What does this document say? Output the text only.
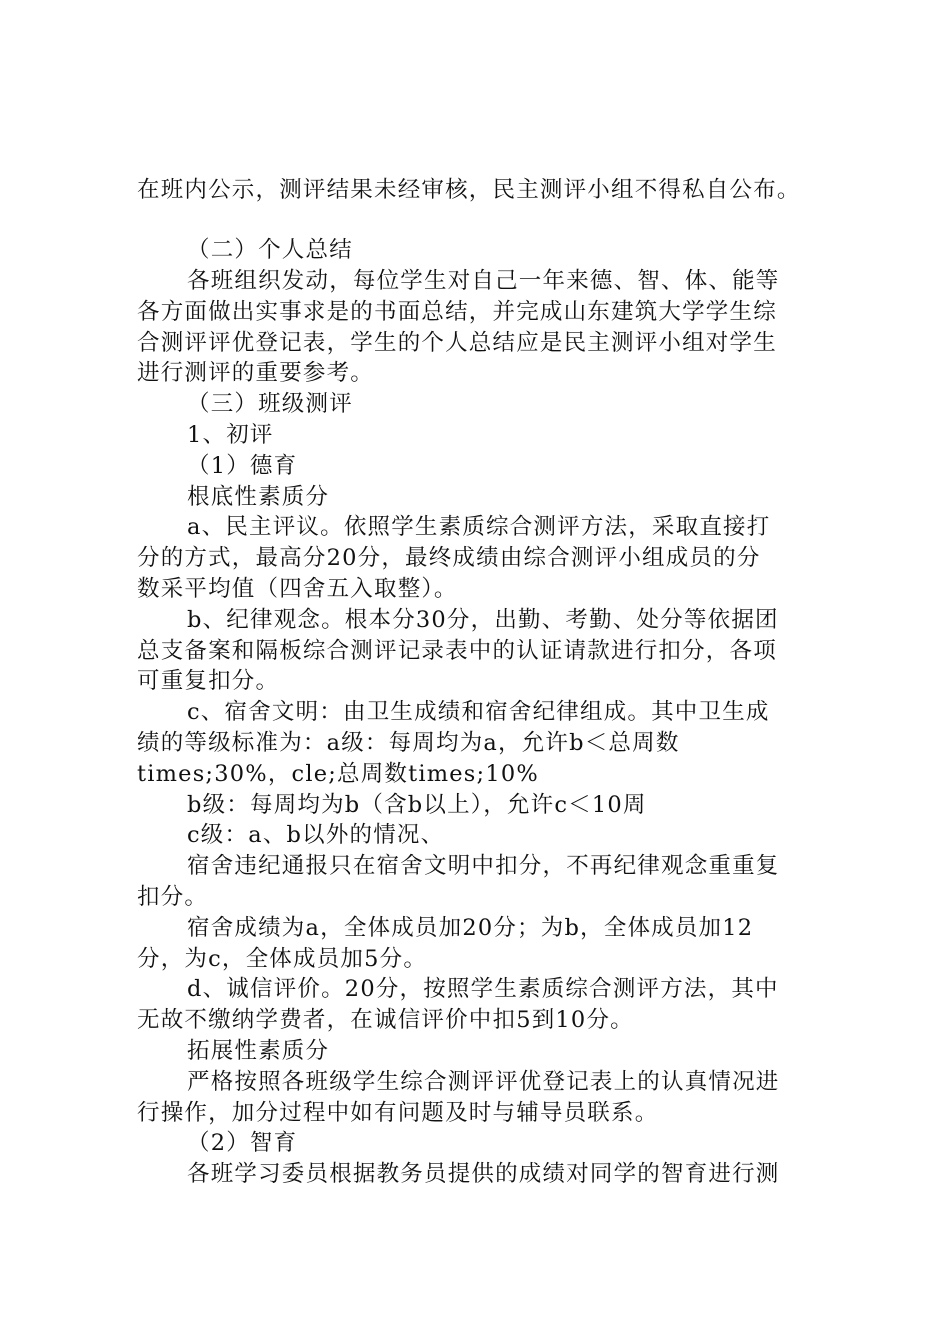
在班内公示，测评结果未经审核，民主测评小组不得私自公布。
（二）个人总结
各班组织发动，每位学生对自己一年来德、智、体、能等
各方面做出实事求是的书面总结，并完成山东建筑大学学生综
合测评评优登记表，学生的个人总结应是民主测评小组对学生
进行测评的重要参考。
（三）班级测评
1、初评
（1）德育
根底性素质分
a、民主评议。依照学生素质综合测评方法，采取直接打
分的方式，最高分20分，最终成绩由综合测评小组成员的分
数采平均值（四舍五入取整）。
b、纪律观念。根本分30分，出勤、考勤、处分等依据团
总支备案和隔板综合测评记录表中的认证请款进行扣分，各项
可重复扣分。
c、宿舍文明：由卫生成绩和宿舍纪律组成。其中卫生成
绩的等级标准为：a级：每周均为a，允许b＜总周数
times;30%，cle;总周数times;10%
b级：每周均为b（含b以上），允许c＜10周
c级：a、b以外的情况、
宿舍违纪通报只在宿舍文明中扣分，不再纪律观念重重复
扣分。
宿舍成绩为a，全体成员加20分；为b，全体成员加12
分，为c，全体成员加5分。
d、诚信评价。20分，按照学生素质综合测评方法，其中
无故不缴纳学费者，在诚信评价中扣5到10分。
拓展性素质分
严格按照各班级学生综合测评评优登记表上的认真情况进
行操作，加分过程中如有问题及时与辅导员联系。
（2）智育
各班学习委员根据教务员提供的成绩对同学的智育进行测
